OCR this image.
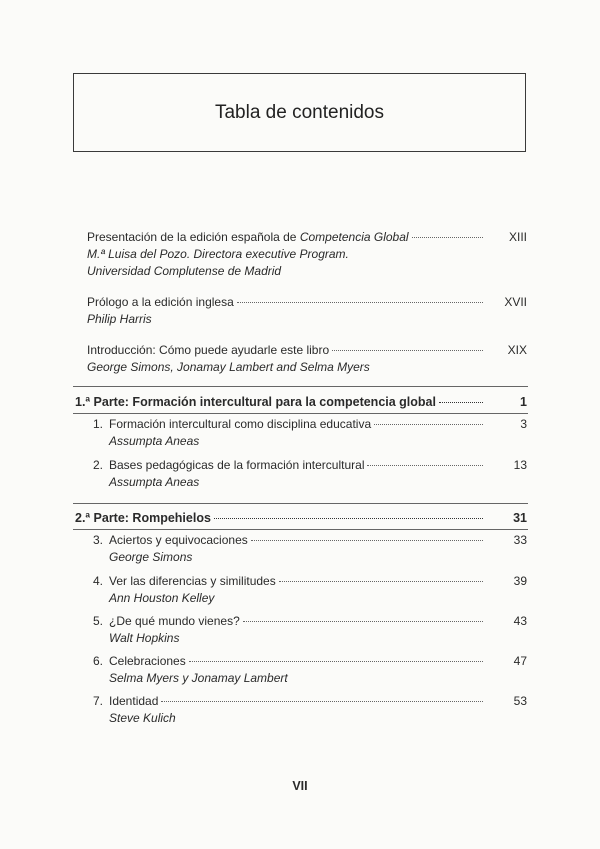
Tabla de contenidos
Presentación de la edición española de Competencia Global	XIII
M.ª Luisa del Pozo. Directora executive Program.
Universidad Complutense de Madrid
Prólogo a la edición inglesa	XVII
Philip Harris
Introducción: Cómo puede ayudarle este libro	XIX
George Simons, Jonamay Lambert and Selma Myers
1.ª Parte: Formación intercultural para la competencia global	1
1. Formación intercultural como disciplina educativa	3
Assumpta Aneas
2. Bases pedagógicas de la formación intercultural	13
Assumpta Aneas
2.ª Parte: Rompehielos	31
3. Aciertos y equivocaciones	33
George Simons
4. Ver las diferencias y similitudes	39
Ann Houston Kelley
5. ¿De qué mundo vienes?	43
Walt Hopkins
6. Celebraciones	47
Selma Myers y Jonamay Lambert
7. Identidad	53
Steve Kulich
VII
